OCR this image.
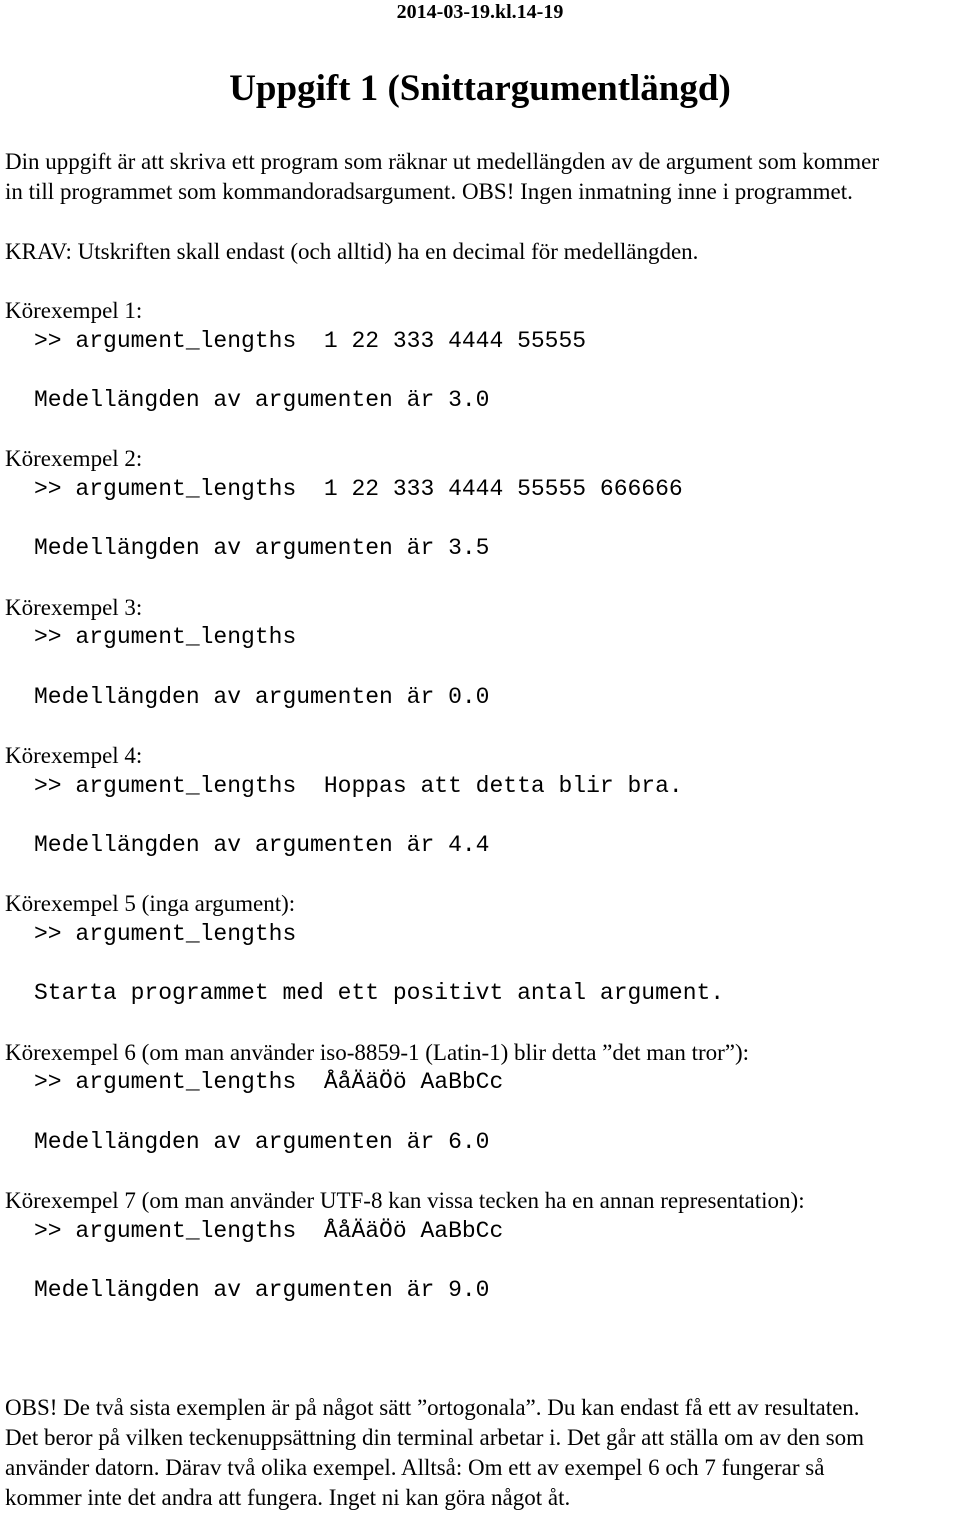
2014-03-19.kl.14-19
Uppgift 1 (Snittargumentlängd)
Din uppgift är att skriva ett program som räknar ut medellängden av de argument som kommer
in till programmet som kommandoradsargument. OBS! Ingen inmatning inne i programmet.
KRAV: Utskriften skall endast (och alltid) ha en decimal för medellängden.
Körexempel 1:
>> argument_lengths  1 22 333 4444 55555
Medellängden av argumenten är 3.0
Körexempel 2:
>> argument_lengths  1 22 333 4444 55555 666666
Medellängden av argumenten är 3.5
Körexempel 3:
>> argument_lengths
Medellängden av argumenten är 0.0
Körexempel 4:
>> argument_lengths  Hoppas att detta blir bra.
Medellängden av argumenten är 4.4
Körexempel 5 (inga argument):
>> argument_lengths
Starta programmet med ett positivt antal argument.
Körexempel 6 (om man använder iso-8859-1 (Latin-1) blir detta ”det man tror”):
>> argument_lengths  ÅåÄäÖö AaBbCc
Medellängden av argumenten är 6.0
Körexempel 7 (om man använder UTF-8 kan vissa tecken ha en annan representation):
>> argument_lengths  ÅåÄäÖö AaBbCc
Medellängden av argumenten är 9.0
OBS! De två sista exemplen är på något sätt ”ortogonala”. Du kan endast få ett av resultaten.
Det beror på vilken teckenuppsättning din terminal arbetar i. Det går att ställa om av den som
använder datorn. Därav två olika exempel. Alltså: Om ett av exempel 6 och 7 fungerar så
kommer inte det andra att fungera. Inget ni kan göra något åt.
